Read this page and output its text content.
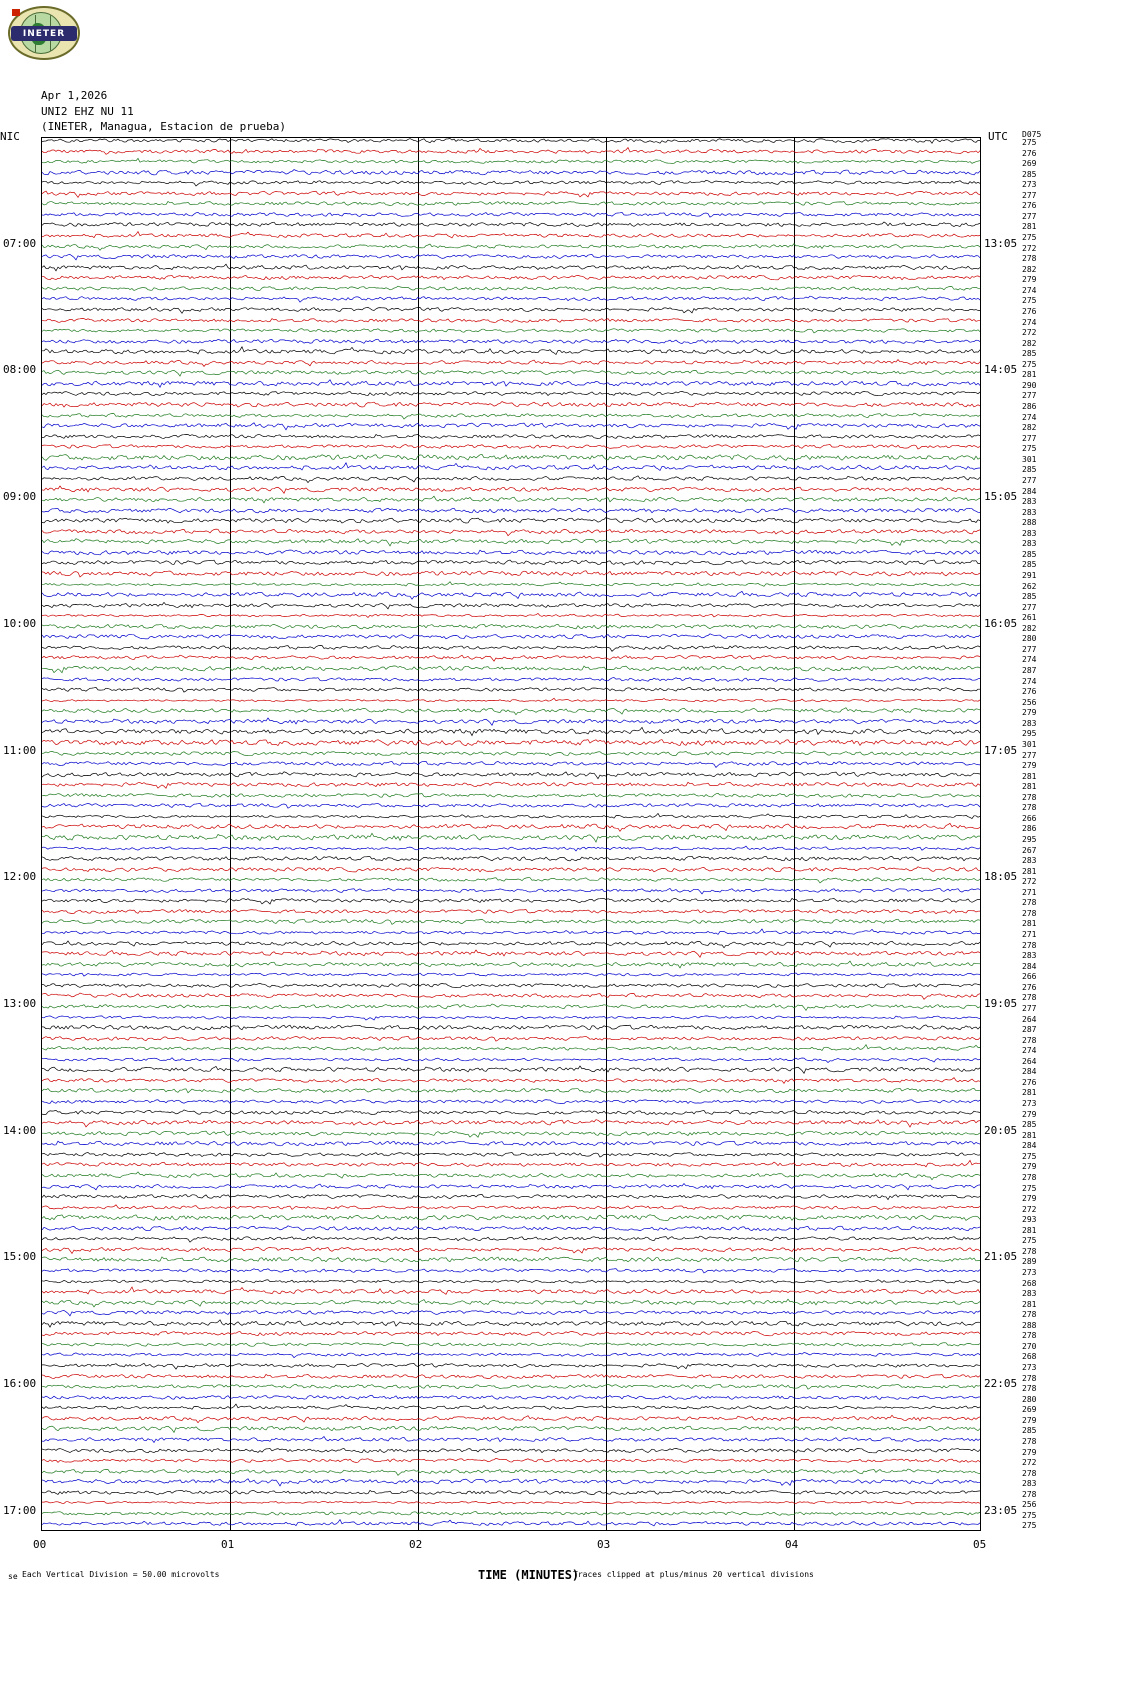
INETER
Apr 1,2026
UNI2 EHZ NU 11
(INETER, Managua, Estacion de prueba)
NIC	UTC D075
TIME (MINUTES)
Traces clipped at plus/minus 20 vertical divisions
Each Vertical Division = 50.00 microvolts
se
07:00
08:00
09:00
10:00
11:00
12:00
13:00
14:00
15:00
16:00
17:00
13:05
14:05
15:05
16:05
17:05
18:05
19:05
20:05
21:05
22:05
23:05
275
276
269
285
273
277
276
277
281
275
272
278
282
279
274
275
276
274
272
282
285
275
281
290
277
286
274
282
277
275
301
285
277
284
283
283
288
283
283
285
285
291
262
285
277
261
282
280
277
274
287
274
276
256
279
283
295
301
277
279
281
281
278
278
266
286
295
267
283
281
272
271
278
278
281
271
278
283
284
266
276
278
277
264
287
278
274
264
284
276
281
273
279
285
281
284
275
279
278
275
279
272
293
281
275
278
289
273
268
283
281
278
288
278
270
268
273
278
278
280
269
279
285
278
279
272
278
283
278
256
275
275
00	01	02	03	04	05
